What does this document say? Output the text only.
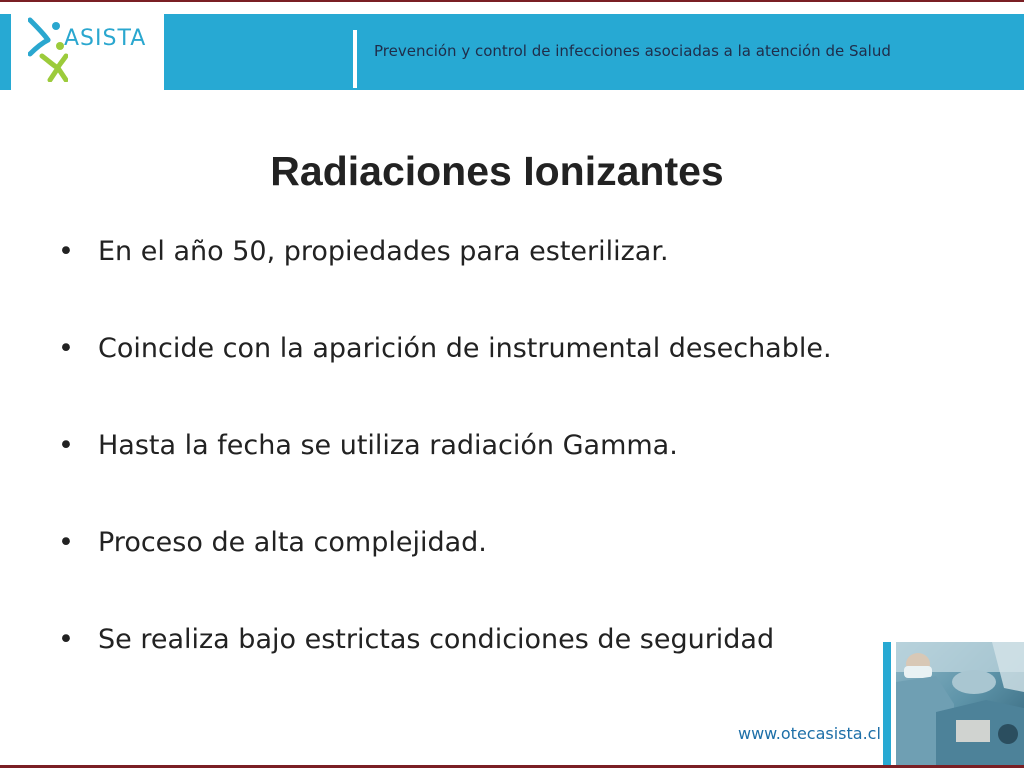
ASISTA	Prevención y control de infecciones asociadas a la atención de Salud
Radiaciones Ionizantes
• En el año 50, propiedades para esterilizar.
• Coincide con la aparición de instrumental desechable.
• Hasta la fecha se utiliza radiación Gamma.
• Proceso de alta complejidad.
• Se realiza bajo estrictas condiciones de seguridad
www.otecasista.cl
